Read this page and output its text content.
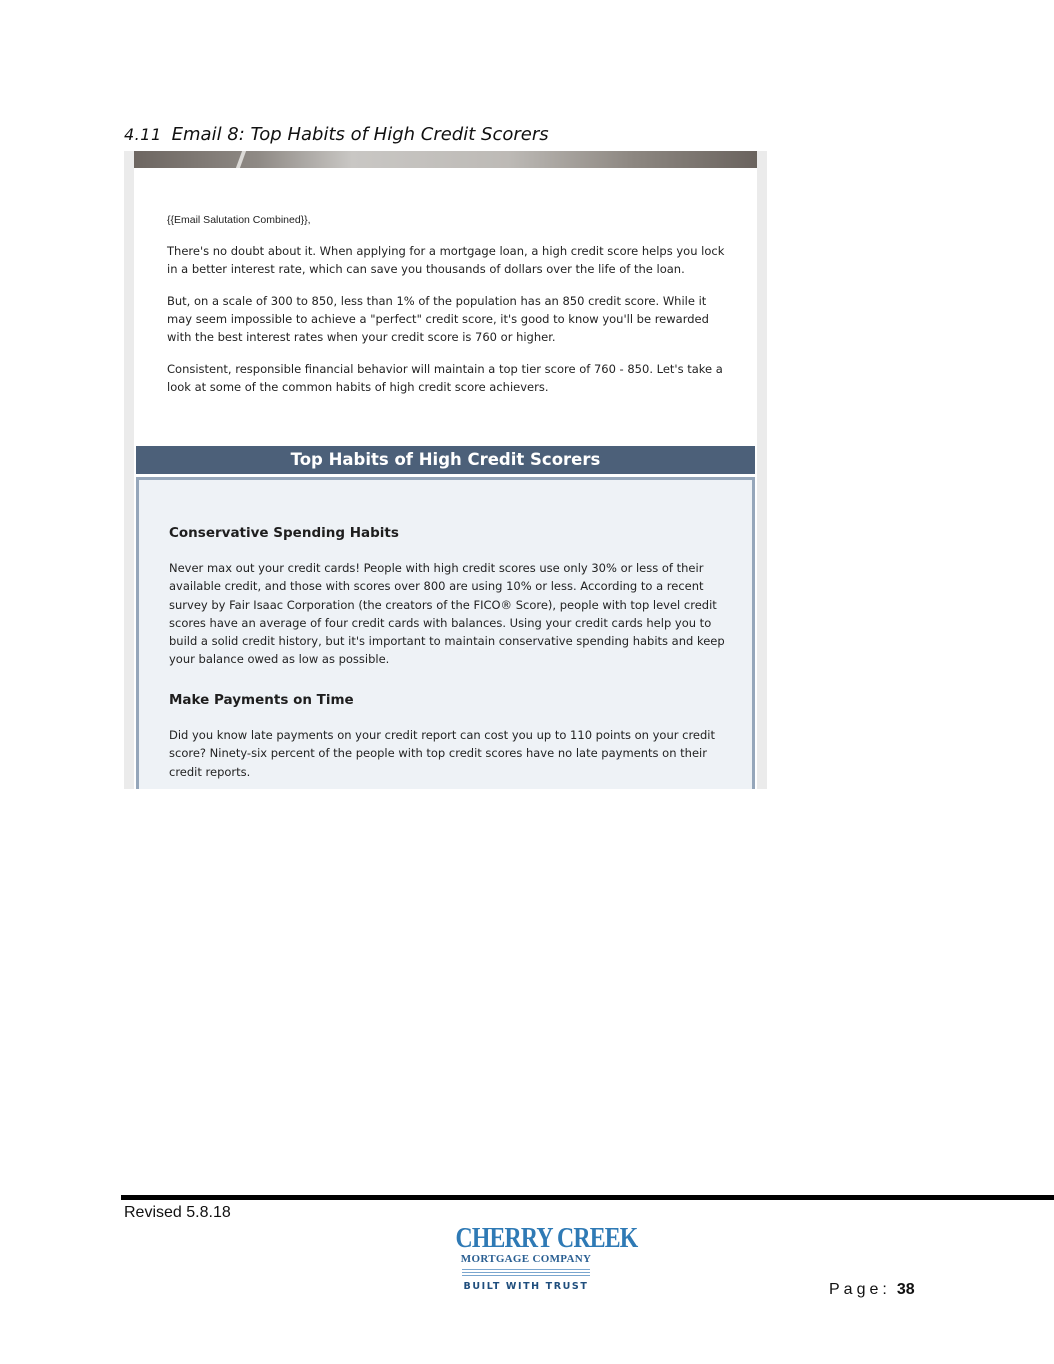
4.11 Email 8: Top Habits of High Credit Scorers

{{Email Salutation Combined}},

There's no doubt about it. When applying for a mortgage loan, a high credit score helps you lock in a better interest rate, which can save you thousands of dollars over the life of the loan.

But, on a scale of 300 to 850, less than 1% of the population has an 850 credit score. While it may seem impossible to achieve a "perfect" credit score, it's good to know you'll be rewarded with the best interest rates when your credit score is 760 or higher.

Consistent, responsible financial behavior will maintain a top tier score of 760 - 850. Let's take a look at some of the common habits of high credit score achievers.

Top Habits of High Credit Scorers
Conservative Spending Habits

Never max out your credit cards! People with high credit scores use only 30% or less of their available credit, and those with scores over 800 are using 10% or less. According to a recent survey by Fair Isaac Corporation (the creators of the FICO® Score), people with top level credit scores have an average of four credit cards with balances. Using your credit cards help you to build a solid credit history, but it's important to maintain conservative spending habits and keep your balance owed as low as possible.

Make Payments on Time

Did you know late payments on your credit report can cost you up to 110 points on your credit score? Ninety-six percent of the people with top credit scores have no late payments on their credit reports.

Revised 5.8.18
CHERRY CREEK
MORTGAGE COMPANY
BUILT WITH TRUST	Page: 38
